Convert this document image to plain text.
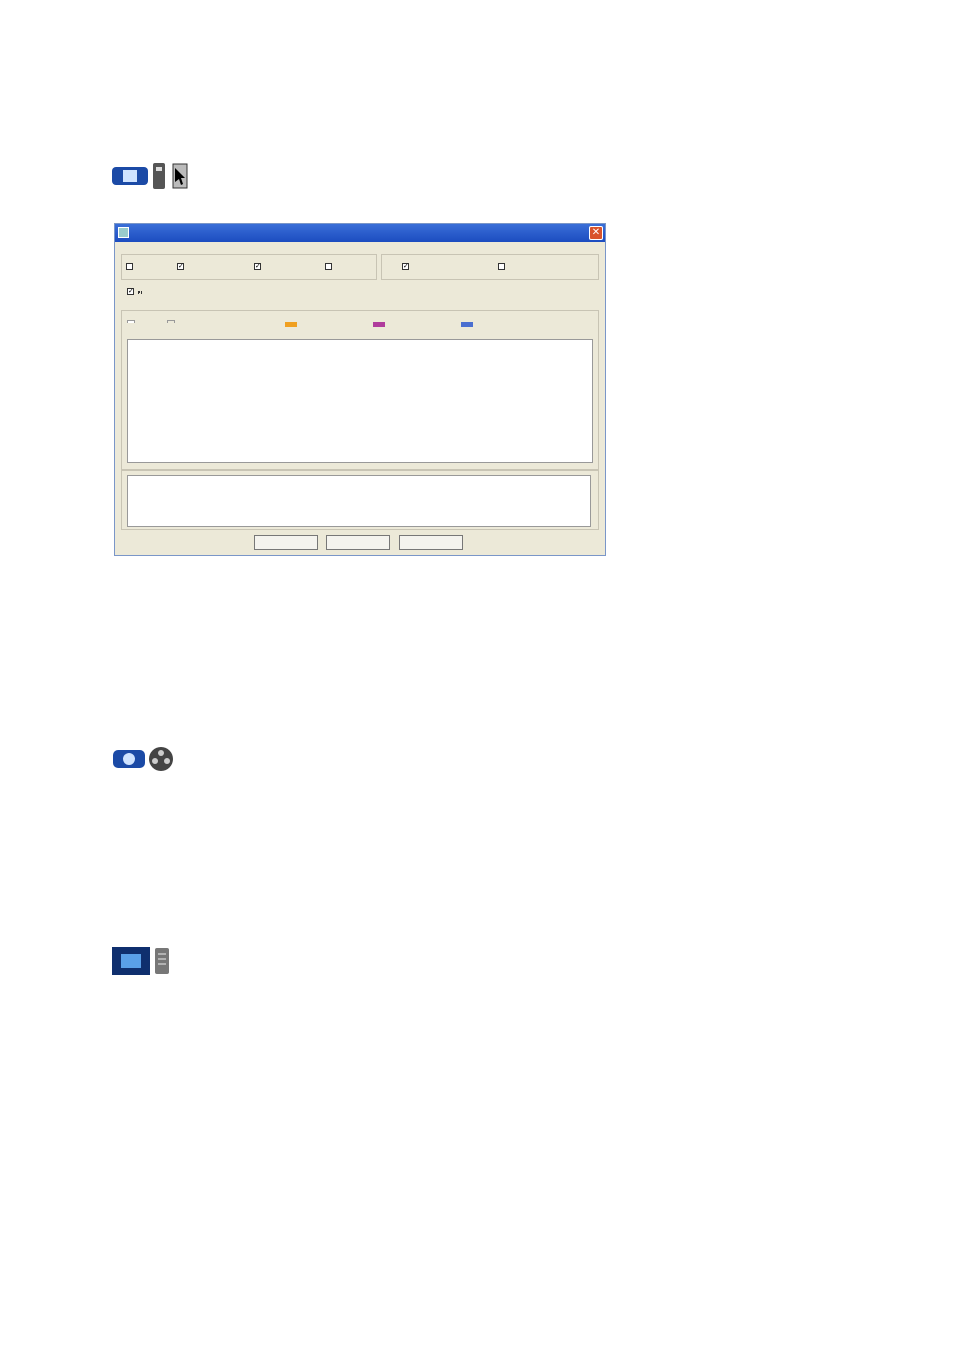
✕
✓	✓	✓
✓
